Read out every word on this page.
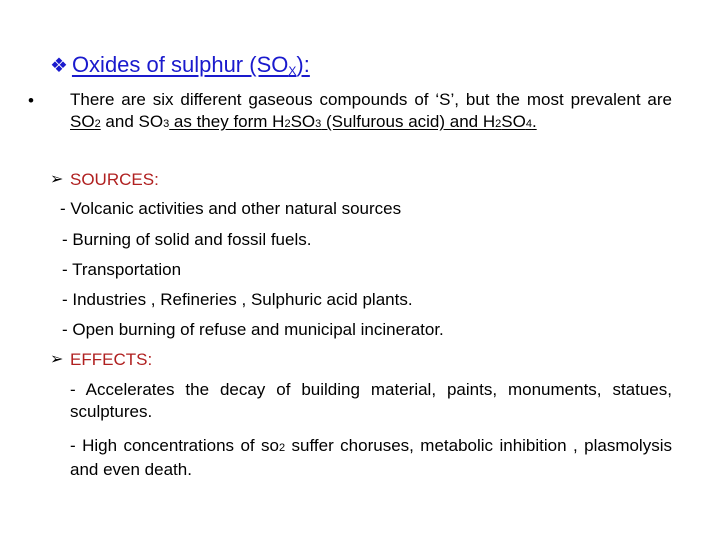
❖ Oxides of sulphur $(SO_X)$:
• There are six different gaseous compounds of ‘S’, but the most prevalent are SO2 and SO3 as they form H2SO3 (Sulfurous acid) and H2SO4.
➢ SOURCES:
- Volcanic activities and other natural sources
- Burning of solid and fossil fuels.
- Transportation
- Industries , Refineries , Sulphuric acid plants.
- Open burning of refuse and municipal incinerator.
➢ EFFECTS:
- Accelerates the decay of building material, paints, monuments, statues, sculptures.
- High concentrations of so2 suffer choruses, metabolic inhibition , plasmolysis and even death.
